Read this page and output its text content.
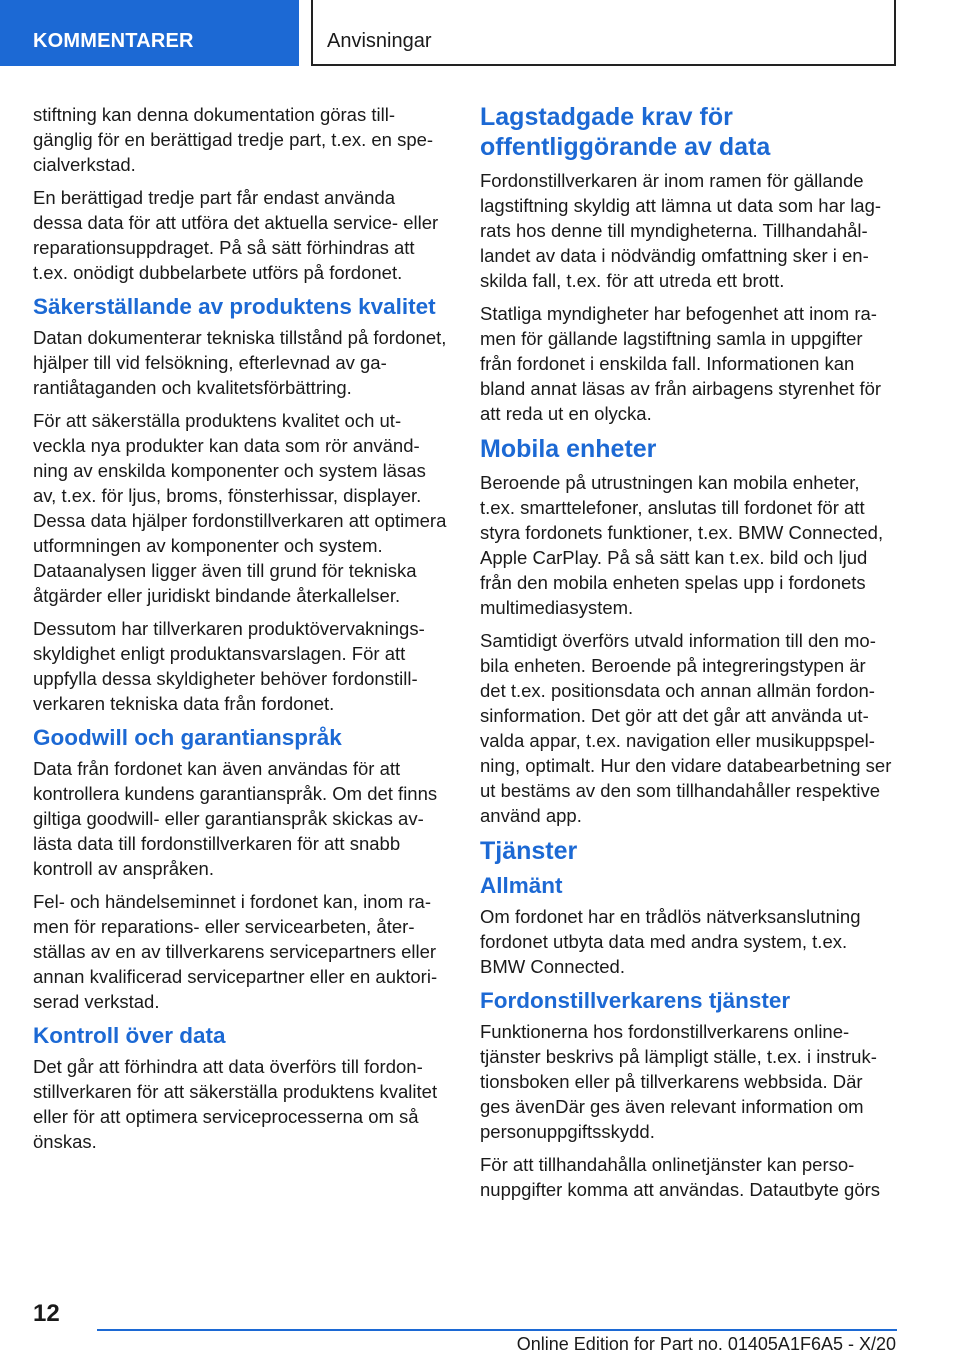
KOMMENTARER	Anvisningar

stiftning kan denna dokumentation göras tillgänglig för en berättigad tredje part, t.ex. en specialverkstad.

En berättigad tredje part får endast använda dessa data för att utföra det aktuella service- eller reparationsuppdraget. På så sätt förhindras att t.ex. onödigt dubbelarbete utförs på fordonet.

Säkerställande av produktens kvalitet

Datan dokumenterar tekniska tillstånd på fordonet, hjälper till vid felsökning, efterlevnad av garantiåtaganden och kvalitetsförbättring.

För att säkerställa produktens kvalitet och utveckla nya produkter kan data som rör användning av enskilda komponenter och system läsas av, t.ex. för ljus, broms, fönsterhissar, displayer. Dessa data hjälper fordonstillverkaren att optimera utformningen av komponenter och system. Dataanalysen ligger även till grund för tekniska åtgärder eller juridiskt bindande återkallelser.

Dessutom har tillverkaren produktövervakningsskyldighet enligt produktansvarslagen. För att uppfylla dessa skyldigheter behöver fordonstillverkaren tekniska data från fordonet.

Goodwill och garantianspråk

Data från fordonet kan även användas för att kontrollera kundens garantianspråk. Om det finns giltiga goodwill- eller garantianspråk skickas avlästa data till fordonstillverkaren för att snabb kontroll av anspråken.

Fel- och händelseminnet i fordonet kan, inom ramen för reparations- eller servicearbeten, återställas av en av tillverkarens servicepartners eller annan kvalificerad servicepartner eller en auktoriserad verkstad.

Kontroll över data

Det går att förhindra att data överförs till fordonstillverkaren för att säkerställa produktens kvalitet eller för att optimera serviceprocesserna om så önskas.

Lagstadgade krav för offentliggörande av data

Fordonstillverkaren är inom ramen för gällande lagstiftning skyldig att lämna ut data som har lagrats hos denne till myndigheterna. Tillhandahållandet av data i nödvändig omfattning sker i enskilda fall, t.ex. för att utreda ett brott.

Statliga myndigheter har befogenhet att inom ramen för gällande lagstiftning samla in uppgifter från fordonet i enskilda fall. Informationen kan bland annat läsas av från airbagens styrenhet för att reda ut en olycka.

Mobila enheter

Beroende på utrustningen kan mobila enheter, t.ex. smarttelefoner, anslutas till fordonet för att styra fordonets funktioner, t.ex. BMW Connected, Apple CarPlay. På så sätt kan t.ex. bild och ljud från den mobila enheten spelas upp i fordonets multimediasystem.

Samtidigt överförs utvald information till den mobila enheten. Beroende på integreringstypen är det t.ex. positionsdata och annan allmän fordonsinformation. Det gör att det går att använda utvalda appar, t.ex. navigation eller musikuppspelning, optimalt. Hur den vidare databearbetning ser ut bestäms av den som tillhandahåller respektive använd app.

Tjänster
Allmänt

Om fordonet har en trådlös nätverksanslutning fordonet utbyta data med andra system, t.ex. BMW Connected.

Fordonstillverkarens tjänster

Funktionerna hos fordonstillverkarens onlinetjänster beskrivs på lämpligt ställe, t.ex. i instruktionsboken eller på tillverkarens webbsida. Där ges ävenDär ges även relevant information om personuppgiftsskydd.

För att tillhandahålla onlinetjänster kan personuppgifter komma att användas. Datautbyte görs

12
Online Edition for Part no. 01405A1F6A5 - X/20
